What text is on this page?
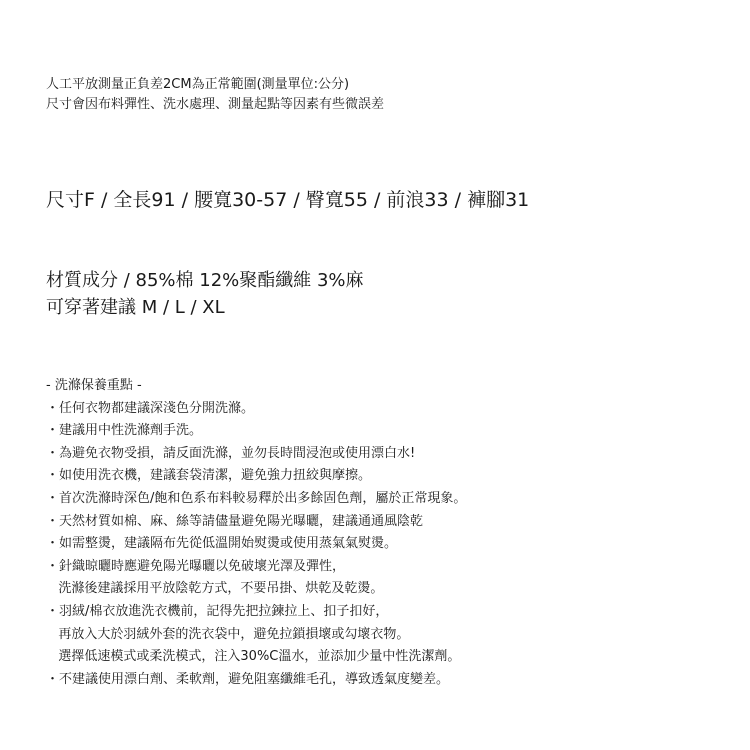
人工平放測量正負差2CM為正常範圍(測量單位:公分)
尺寸會因布料彈性、洗水處理、測量起點等因素有些微誤差
尺寸F / 全長91 / 腰寬30-57 / 臀寬55 / 前浪33 / 褲腳31
材質成分 / 85%棉 12%聚酯纖維 3%麻
可穿著建議 M / L / XL
- 洗滌保養重點 -
・任何衣物都建議深淺色分開洗滌。
・建議用中性洗滌劑手洗。
・為避免衣物受損，請反面洗滌，並勿長時間浸泡或使用漂白水!
・如使用洗衣機，建議套袋清潔，避免強力扭絞與摩擦。
・首次洗滌時深色/飽和色系布料較易釋於出多餘固色劑，屬於正常現象。
・天然材質如棉、麻、絲等請儘量避免陽光曝曬，建議通通風陰乾
・如需整燙，建議隔布先從低溫開始熨燙或使用蒸氣氣熨燙。
・針織晾曬時應避免陽光曝曬以免破壞光澤及彈性，
洗滌後建議採用平放陰乾方式，不要吊掛、烘乾及乾燙。
・羽絨/棉衣放進洗衣機前，記得先把拉鍊拉上、扣子扣好，
再放入大於羽絨外套的洗衣袋中，避免拉鎖損壞或勾壞衣物。
選擇低速模式或柔洗模式，注入30%C溫水，並添加少量中性洗潔劑。
・不建議使用漂白劑、柔軟劑，避免阻塞纖維毛孔，導致透氣度變差。
